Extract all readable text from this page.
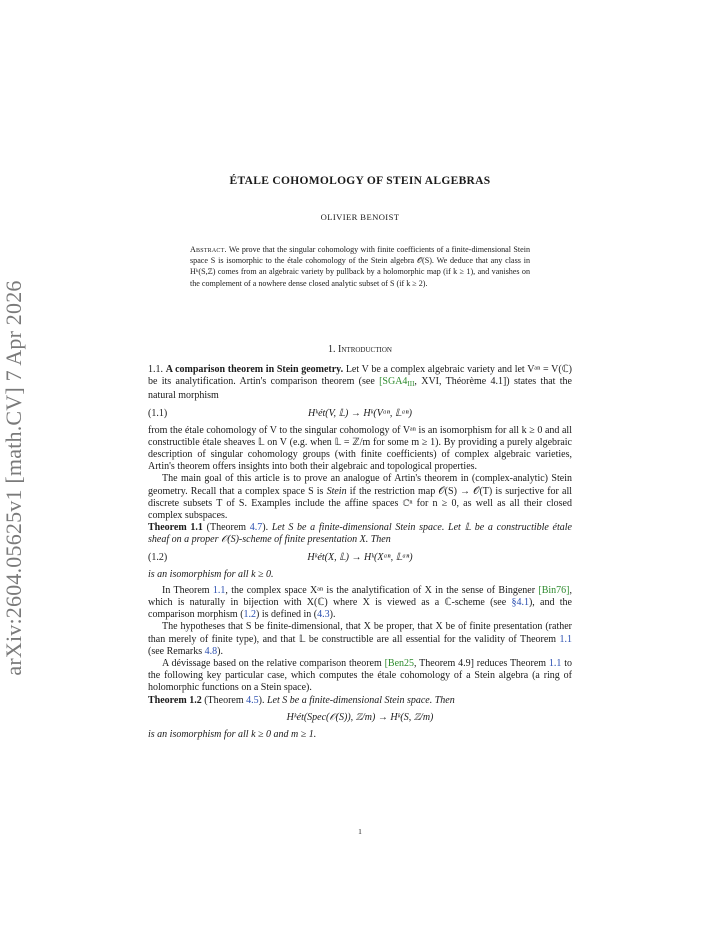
arXiv:2604.05625v1 [math.CV] 7 Apr 2026
ÉTALE COHOMOLOGY OF STEIN ALGEBRAS
OLIVIER BENOIST
Abstract. We prove that the singular cohomology with finite coefficients of a finite-dimensional Stein space S is isomorphic to the étale cohomology of the Stein algebra 𝒪(S). We deduce that any class in Hᵏ(S,ℤ) comes from an algebraic variety by pullback by a holomorphic map (if k ≥ 1), and vanishes on the complement of a nowhere dense closed analytic subset of S (if k ≥ 2).
1. Introduction

1.1. A comparison theorem in Stein geometry. Let V be a complex algebraic variety and let Vᵃⁿ = V(ℂ) be its analytification. Artin's comparison theorem (see [$SGA4_{III}$, XVI, Théorème 4.1]) states that the natural morphism

(1.1)	Hᵏét(V, 𝕃) → Hᵏ(Vᵃⁿ, 𝕃ᵃⁿ)

from the étale cohomology of V to the singular cohomology of Vᵃⁿ is an isomorphism for all k ≥ 0 and all constructible étale sheaves 𝕃 on V (e.g. when 𝕃 = ℤ/m for some m ≥ 1). By providing a purely algebraic description of singular cohomology groups (with finite coefficients) of complex algebraic varieties, Artin's theorem offers insights into both their algebraic and topological properties.

The main goal of this article is to prove an analogue of Artin's theorem in (complex-analytic) Stein geometry. Recall that a complex space S is Stein if the restriction map 𝒪(S) → 𝒪(T) is surjective for all discrete subsets T of S. Examples include the affine spaces ℂⁿ for n ≥ 0, as well as all their closed complex subspaces.

Theorem 1.1 (Theorem 4.7). Let S be a finite-dimensional Stein space. Let 𝕃 be a constructible étale sheaf on a proper 𝒪(S)-scheme of finite presentation X. Then

(1.2)	Hᵏét(X, 𝕃) → Hᵏ(Xᵃⁿ, 𝕃ᵃⁿ)

is an isomorphism for all k ≥ 0.

In Theorem 1.1, the complex space Xᵃⁿ is the analytification of X in the sense of Bingener [Bin76], which is naturally in bijection with X(ℂ) where X is viewed as a ℂ-scheme (see §4.1), and the comparison morphism (1.2) is defined in (4.3).

The hypotheses that S be finite-dimensional, that X be proper, that X be of finite presentation (rather than merely of finite type), and that 𝕃 be constructible are all essential for the validity of Theorem 1.1 (see Remarks 4.8).

A dévissage based on the relative comparison theorem [Ben25, Theorem 4.9] reduces Theorem 1.1 to the following key particular case, which computes the étale cohomology of a Stein algebra (a ring of holomorphic functions on a Stein space).

Theorem 1.2 (Theorem 4.5). Let S be a finite-dimensional Stein space. Then

Hᵏét(Spec(𝒪(S)), ℤ/m) → Hᵏ(S, ℤ/m)

is an isomorphism for all k ≥ 0 and m ≥ 1.

1
